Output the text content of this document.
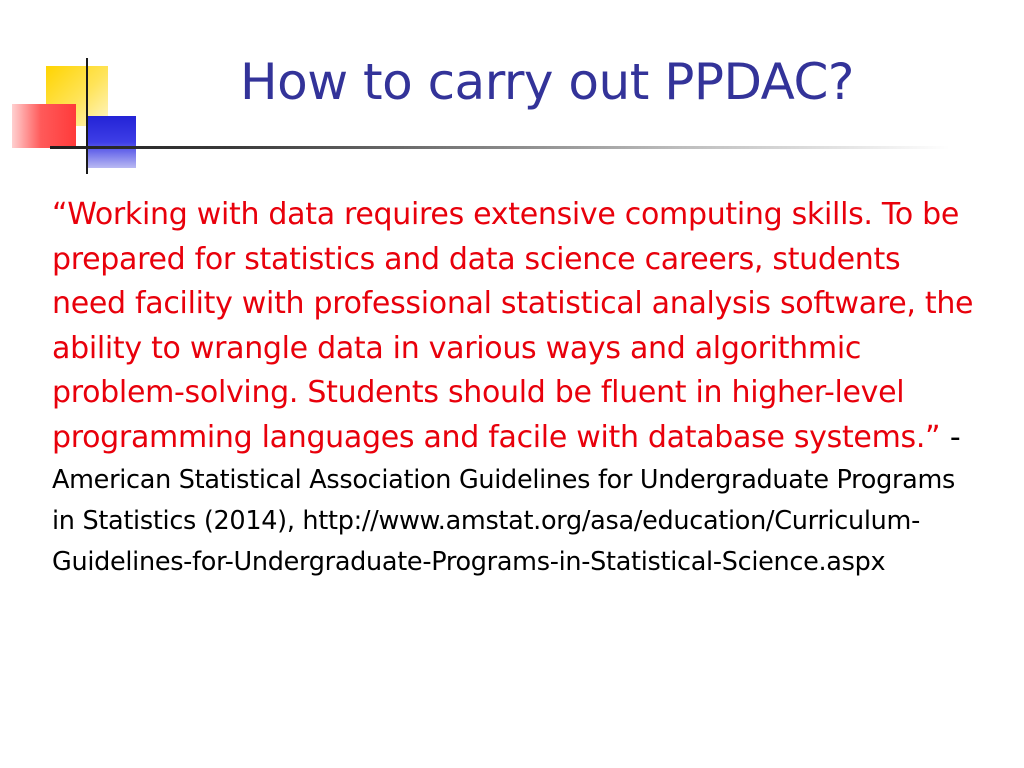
How to carry out PPDAC?

“Working with data requires extensive computing skills. To be prepared for statistics and data science careers, students need facility with professional statistical analysis software, the ability to wrangle data in various ways and algorithmic problem-solving. Students should be fluent in higher-level programming languages and facile with database systems.” - American Statistical Association Guidelines for Undergraduate Programs in Statistics (2014), http://www.amstat.org/asa/education/Curriculum-Guidelines-for-Undergraduate-Programs-in-Statistical-Science.aspx
